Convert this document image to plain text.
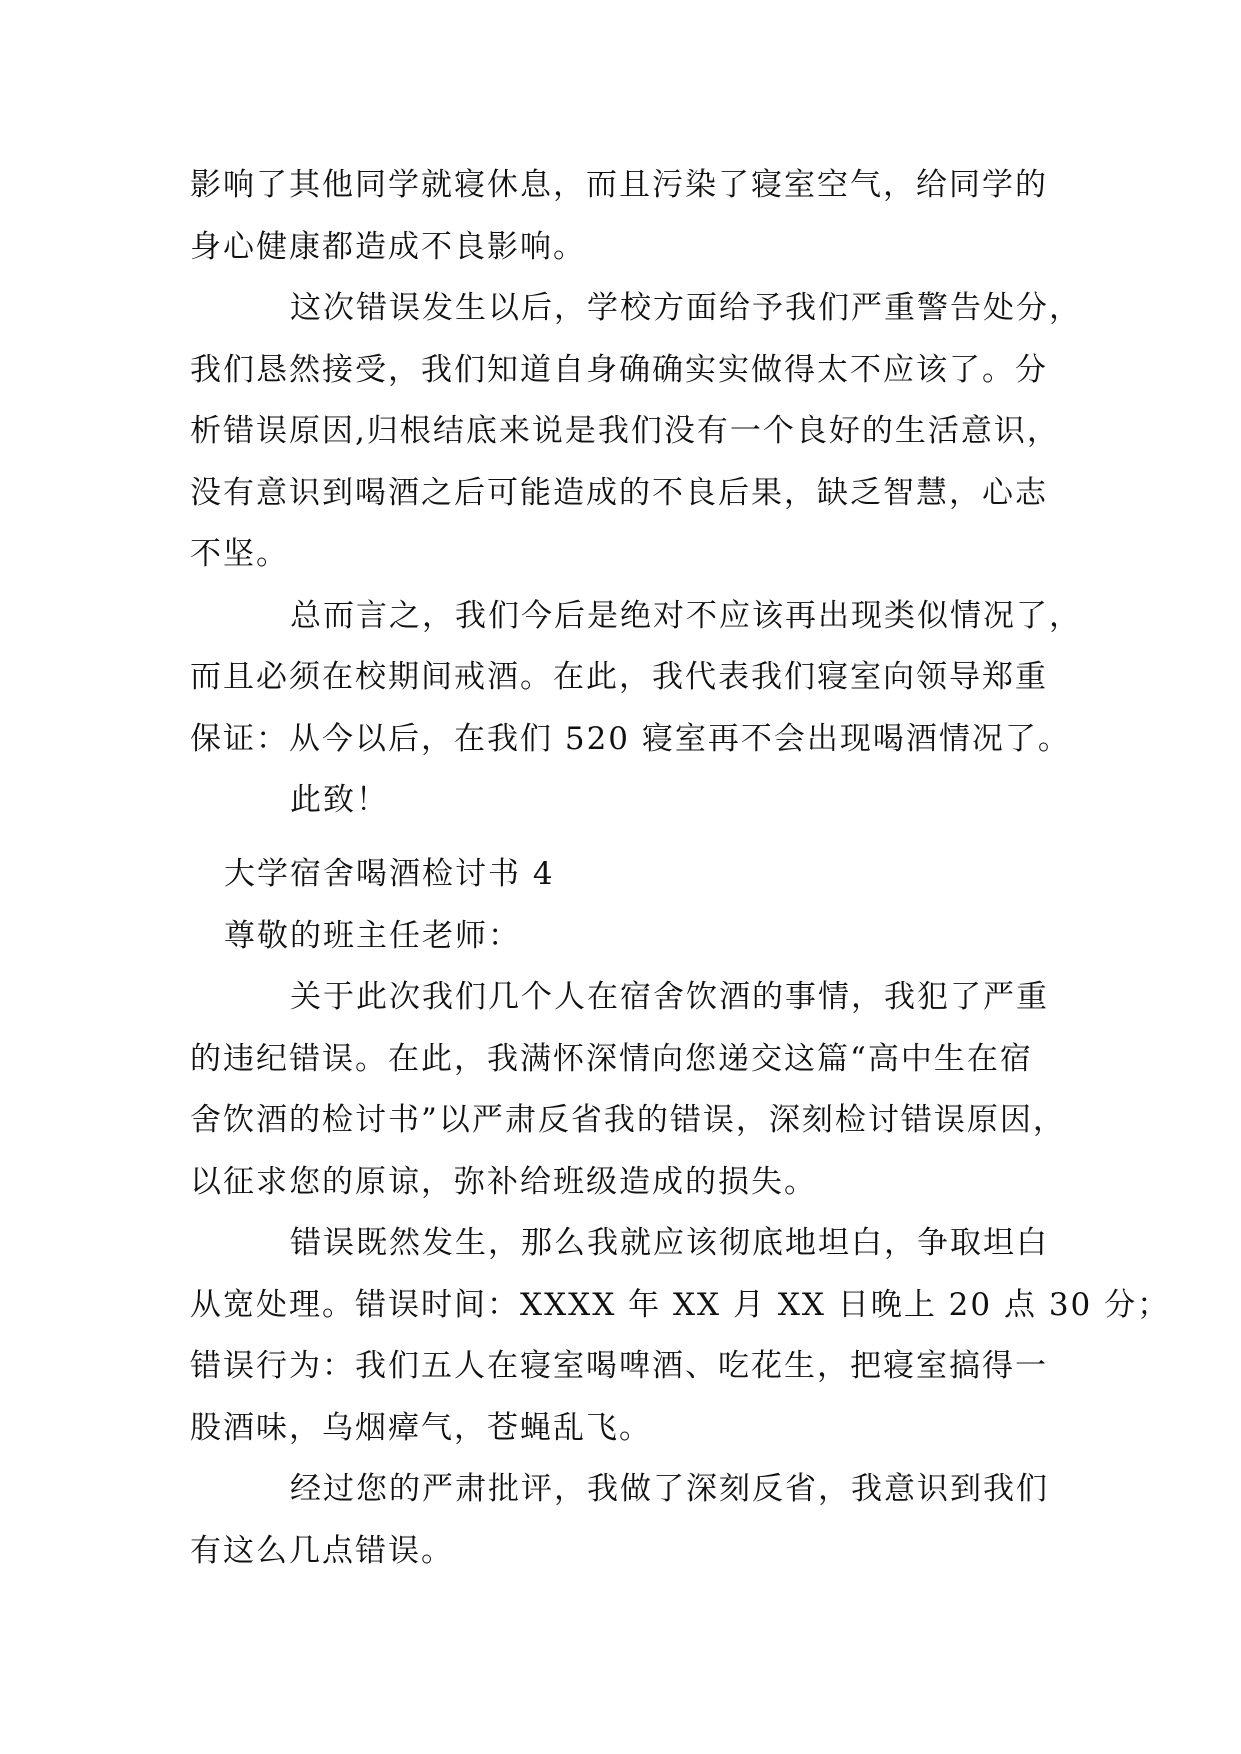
影响了其他同学就寝休息，而且污染了寝室空气，给同学的
身心健康都造成不良影响。
这次错误发生以后，学校方面给予我们严重警告处分，
我们恳然接受，我们知道自身确确实实做得太不应该了。分
析错误原因,归根结底来说是我们没有一个良好的生活意识，
没有意识到喝酒之后可能造成的不良后果，缺乏智慧，心志
不坚。
总而言之，我们今后是绝对不应该再出现类似情况了，
而且必须在校期间戒酒。在此，我代表我们寝室向领导郑重
保证：从今以后，在我们 520 寝室再不会出现喝酒情况了。
此致！
大学宿舍喝酒检讨书 4
尊敬的班主任老师：
关于此次我们几个人在宿舍饮酒的事情，我犯了严重
的违纪错误。在此，我满怀深情向您递交这篇“高中生在宿
舍饮酒的检讨书”以严肃反省我的错误，深刻检讨错误原因，
以征求您的原谅，弥补给班级造成的损失。
错误既然发生，那么我就应该彻底地坦白，争取坦白
从宽处理。错误时间：XXXX 年 XX 月 XX 日晚上 20 点 30 分；
错误行为：我们五人在寝室喝啤酒、吃花生，把寝室搞得一
股酒味，乌烟瘴气，苍蝇乱飞。
经过您的严肃批评，我做了深刻反省，我意识到我们
有这么几点错误。
